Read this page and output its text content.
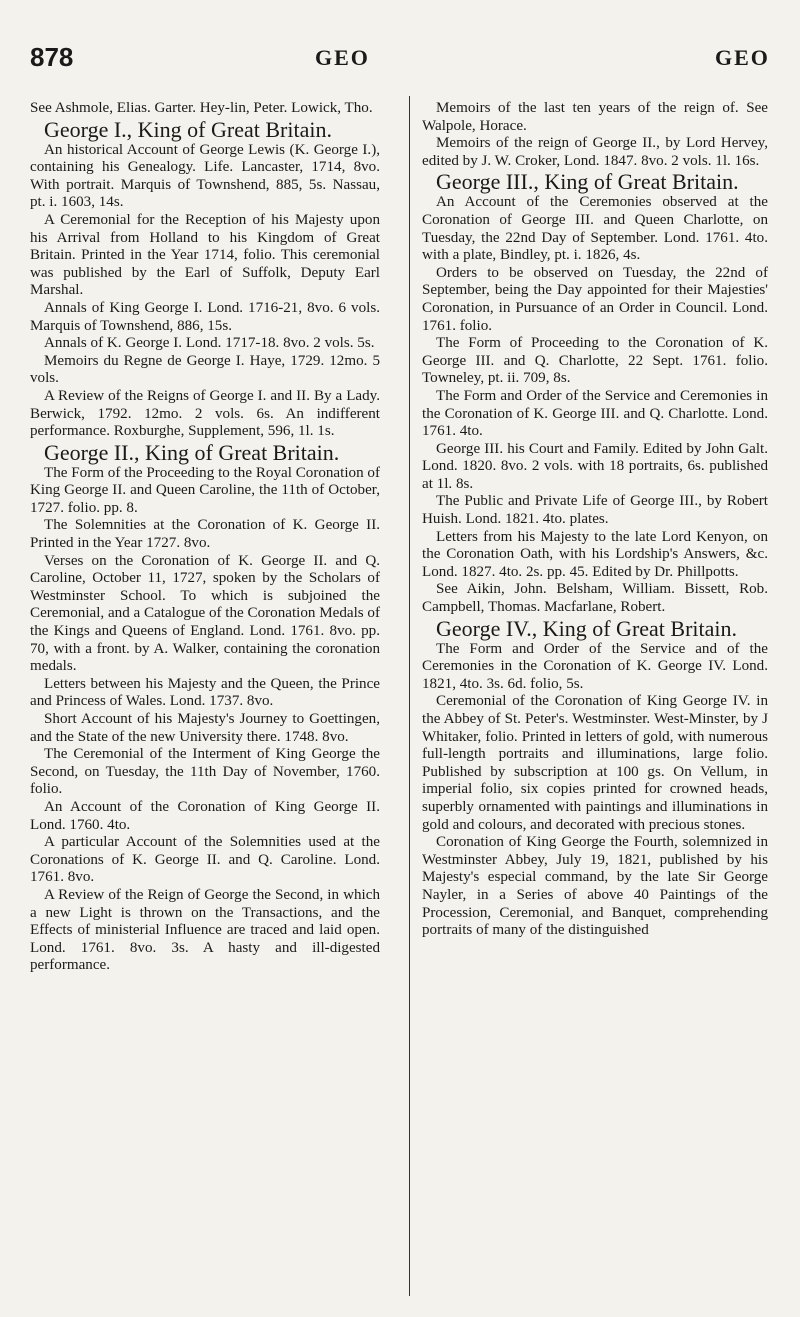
878	GEO	GEO

See Ashmole, Elias. Garter. Hey-lin, Peter. Lowick, Tho.

George I., King of Great Britain.

An historical Account of George Lewis (K. George I.), containing his Genealogy. Life. Lancaster, 1714, 8vo. With portrait. Marquis of Townshend, 885, 5s. Nassau, pt. i. 1603, 14s.

A Ceremonial for the Reception of his Majesty upon his Arrival from Holland to his Kingdom of Great Britain. Printed in the Year 1714, folio. This ceremonial was published by the Earl of Suffolk, Deputy Earl Marshal.

Annals of King George I. Lond. 1716-21, 8vo. 6 vols. Marquis of Townshend, 886, 15s.

Annals of K. George I. Lond. 1717-18. 8vo. 2 vols. 5s.

Memoirs du Regne de George I. Haye, 1729. 12mo. 5 vols.

A Review of the Reigns of George I. and II. By a Lady. Berwick, 1792. 12mo. 2 vols. 6s. An indifferent performance. Roxburghe, Supplement, 596, 1l. 1s.

George II., King of Great Britain.

The Form of the Proceeding to the Royal Coronation of King George II. and Queen Caroline, the 11th of October, 1727. folio. pp. 8.

The Solemnities at the Coronation of K. George II. Printed in the Year 1727. 8vo.

Verses on the Coronation of K. George II. and Q. Caroline, October 11, 1727, spoken by the Scholars of Westminster School. To which is subjoined the Ceremonial, and a Catalogue of the Coronation Medals of the Kings and Queens of England. Lond. 1761. 8vo. pp. 70, with a front. by A. Walker, containing the coronation medals.

Letters between his Majesty and the Queen, the Prince and Princess of Wales. Lond. 1737. 8vo.

Short Account of his Majesty's Journey to Goettingen, and the State of the new University there. 1748. 8vo.

The Ceremonial of the Interment of King George the Second, on Tuesday, the 11th Day of November, 1760. folio.

An Account of the Coronation of King George II. Lond. 1760. 4to.

A particular Account of the Solemnities used at the Coronations of K. George II. and Q. Caroline. Lond. 1761. 8vo.

A Review of the Reign of George the Second, in which a new Light is thrown on the Transactions, and the Effects of ministerial Influence are traced and laid open. Lond. 1761. 8vo. 3s. A hasty and ill-digested performance.

Memoirs of the last ten years of the reign of. See Walpole, Horace.

Memoirs of the reign of George II., by Lord Hervey, edited by J. W. Croker, Lond. 1847. 8vo. 2 vols. 1l. 16s.

George III., King of Great Britain.

An Account of the Ceremonies observed at the Coronation of George III. and Queen Charlotte, on Tuesday, the 22nd Day of September. Lond. 1761. 4to. with a plate, Bindley, pt. i. 1826, 4s.

Orders to be observed on Tuesday, the 22nd of September, being the Day appointed for their Majesties' Coronation, in Pursuance of an Order in Council. Lond. 1761. folio.

The Form of Proceeding to the Coronation of K. George III. and Q. Charlotte, 22 Sept. 1761. folio. Towneley, pt. ii. 709, 8s.

The Form and Order of the Service and Ceremonies in the Coronation of K. George III. and Q. Charlotte. Lond. 1761. 4to.

George III. his Court and Family. Edited by John Galt. Lond. 1820. 8vo. 2 vols. with 18 portraits, 6s. published at 1l. 8s.

The Public and Private Life of George III., by Robert Huish. Lond. 1821. 4to. plates.

Letters from his Majesty to the late Lord Kenyon, on the Coronation Oath, with his Lordship's Answers, &c. Lond. 1827. 4to. 2s. pp. 45. Edited by Dr. Phillpotts.

See Aikin, John. Belsham, William. Bissett, Rob. Campbell, Thomas. Macfarlane, Robert.

George IV., King of Great Britain.

The Form and Order of the Service and of the Ceremonies in the Coronation of K. George IV. Lond. 1821, 4to. 3s. 6d. folio, 5s.

Ceremonial of the Coronation of King George IV. in the Abbey of St. Peter's. Westminster. West-Minster, by J Whitaker, folio. Printed in letters of gold, with numerous full-length portraits and illuminations, large folio. Published by subscription at 100 gs. On Vellum, in imperial folio, six copies printed for crowned heads, superbly ornamented with paintings and illuminations in gold and colours, and decorated with precious stones.

Coronation of King George the Fourth, solemnized in Westminster Abbey, July 19, 1821, published by his Majesty's especial command, by the late Sir George Nayler, in a Series of above 40 Paintings of the Procession, Ceremonial, and Banquet, comprehending portraits of many of the distinguished
